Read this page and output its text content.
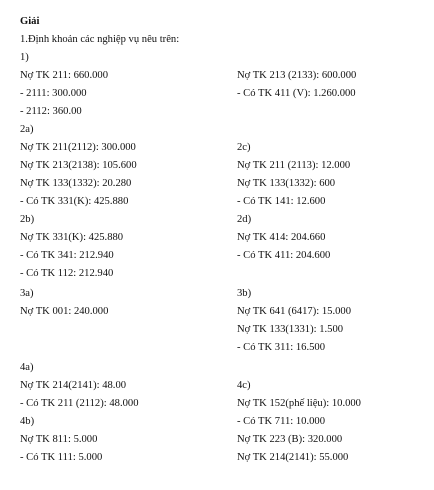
Giải
1.Định khoản các nghiệp vụ nêu trên:
1)
Nợ TK 211: 660.000
- 2111: 300.000
- 2112: 360.00
Nợ TK 213 (2133): 600.000
- Có TK 411 (V): 1.260.000
2a)
Nợ TK 211(2112): 300.000
Nợ TK 213(2138): 105.600
Nợ TK 133(1332): 20.280
- Có TK 331(K): 425.880
2c)
Nợ TK 211 (2113): 12.000
Nợ TK 133(1332): 600
- Có TK 141: 12.600
2b)
Nợ TK 331(K): 425.880
- Có TK 341: 212.940
- Có TK 112: 212.940
2d)
Nợ TK 414: 204.660
- Có TK 411: 204.600
3a)
Nợ TK 001: 240.000
3b)
Nợ TK 641 (6417): 15.000
Nợ TK 133(1331): 1.500
- Có TK 311: 16.500
4a)
Nợ TK 214(2141): 48.00
- Có TK 211 (2112): 48.000
4c)
Nợ TK 152(phế liệu): 10.000
- Có TK 711: 10.000
Nợ TK 223 (B): 320.000
Nợ TK 214(2141): 55.000
4b)
Nợ TK 811: 5.000
- Có TK 111: 5.000
